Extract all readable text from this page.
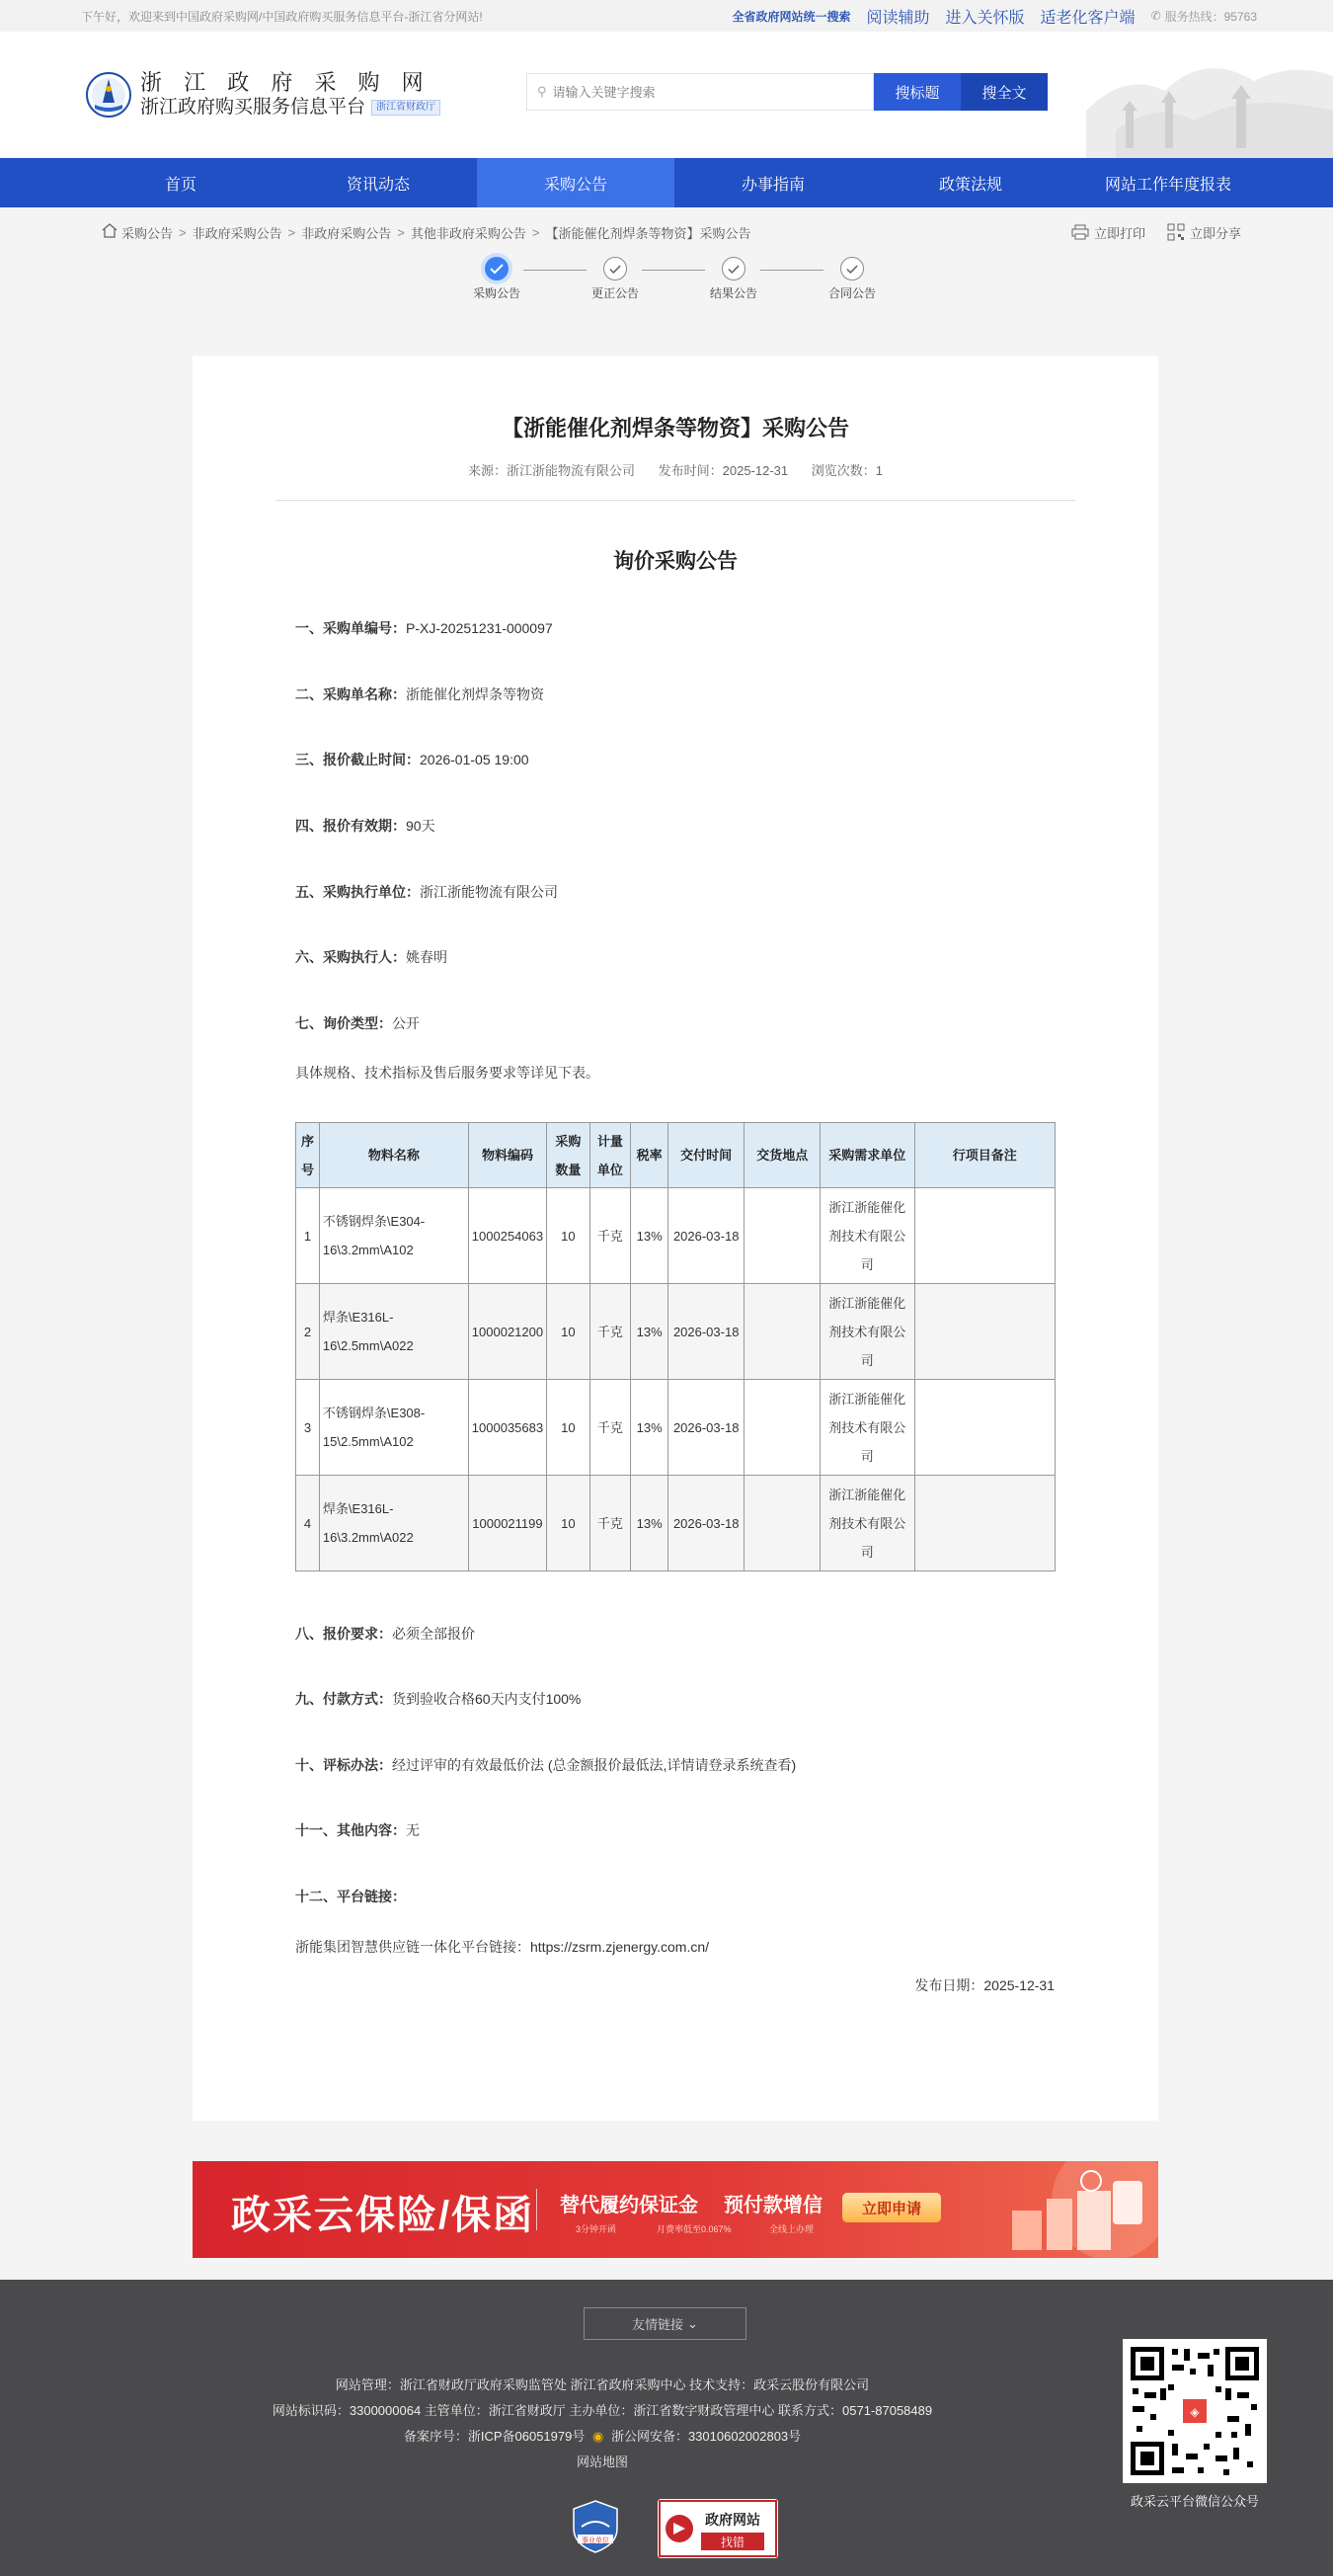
下午好，欢迎来到中国政府采购网/中国政府购买服务信息平台-浙江省分网站!	全省政府网站统一搜索 阅读辅助 进入关怀版 适老化客户端 ✆ 服务热线：95763
浙 江 政 府 采 购 网
浙江政府购买服务信息平台	浙江省财政厅
⚲
请输入关键字搜索	搜标题	搜全文
首页	资讯动态	采购公告	办事指南	政策法规	网站工作年度报表
采购公告 > 非政府采购公告 > 非政府采购公告 > 其他非政府采购公告 > 【浙能催化剂焊条等物资】采购公告	立即打印	立即分享
采购公告	更正公告	结果公告	合同公告
【浙能催化剂焊条等物资】采购公告
来源：浙江浙能物流有限公司 发布时间：2025-12-31 浏览次数：1
询价采购公告
一、采购单编号：P-XJ-20251231-000097
二、采购单名称：浙能催化剂焊条等物资
三、报价截止时间：2026-01-05 19:00
四、报价有效期：90天
五、采购执行单位：浙江浙能物流有限公司
六、采购执行人：姚春明
七、询价类型：公开
具体规格、技术指标及售后服务要求等详见下表。
序号	物料名称	物料编码	采购数量	计量单位	税率	交付时间	交货地点	采购需求单位	行项目备注
1	不锈钢焊条\E304-16\3.2mm\A102	1000254063	10	千克	13%	2026-03-18		浙江浙能催化剂技术有限公司	
2	焊条\E316L-16\2.5mm\A022	1000021200	10	千克	13%	2026-03-18		浙江浙能催化剂技术有限公司	
3	不锈钢焊条\E308-15\2.5mm\A102	1000035683	10	千克	13%	2026-03-18		浙江浙能催化剂技术有限公司	
4	焊条\E316L-16\3.2mm\A022	1000021199	10	千克	13%	2026-03-18		浙江浙能催化剂技术有限公司	
八、报价要求：必须全部报价
九、付款方式：货到验收合格60天内支付100%
十、评标办法：经过评审的有效最低价法 (总金额报价最低法,详情请登录系统查看)
十一、其他内容：无
十二、平台链接：
浙能集团智慧供应链一体化平台链接：https://zsrm.zjenergy.com.cn/
发布日期：2025-12-31
政采云保险/保函 替代履约保证金 预付款增信
3分钟开函	月费率低至0.067%	全线上办理
立即申请
友情链接 ⌄
网站管理：浙江省财政厅政府采购监管处 浙江省政府采购中心 技术支持：政采云股份有限公司
网站标识码：3300000064 主管单位：浙江省财政厅 主办单位：浙江省数字财政管理中心 联系方式：0571-87058489
备案序号：浙ICP备06051979号 ◉ 浙公网安备：33010602002803号
网站地图
◈
政采云平台微信公众号
事业单位
政府网站
找错
